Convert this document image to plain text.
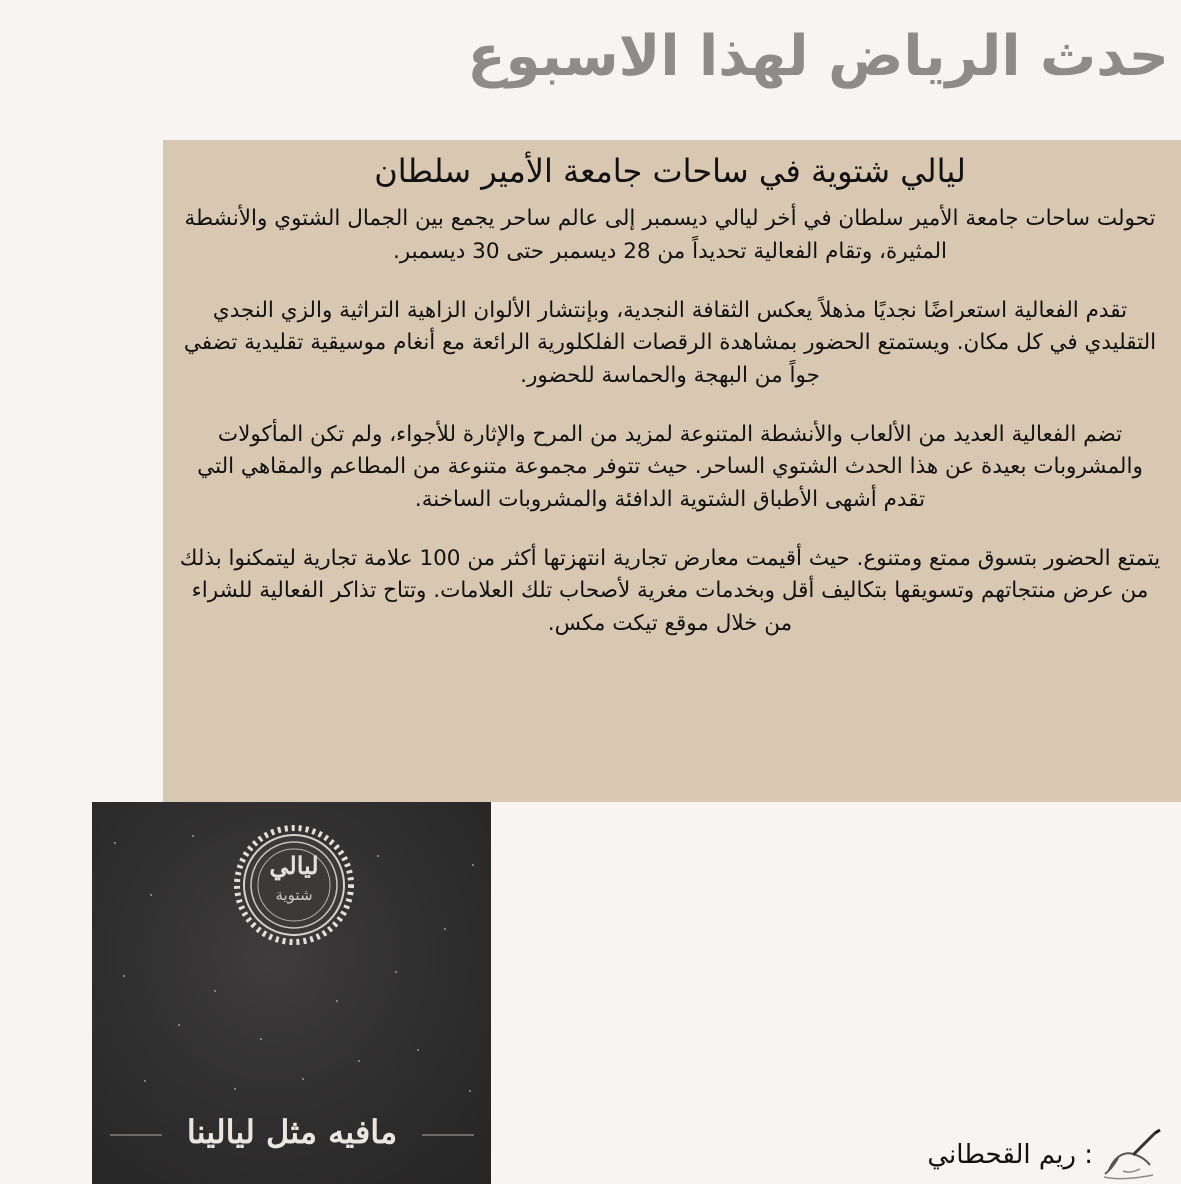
حدث الرياض لهذا الاسبوع
ليالي شتوية في ساحات جامعة الأمير سلطان

تحولت ساحات جامعة الأمير سلطان في أخر ليالي ديسمبر إلى عالم ساحر يجمع بين الجمال الشتوي والأنشطة المثيرة، وتقام الفعالية تحديداً من 28 ديسمبر حتى 30 ديسمبر.

تقدم الفعالية استعراضًا نجديًا مذهلاً يعكس الثقافة النجدية، وبإنتشار الألوان الزاهية التراثية والزي النجدي التقليدي في كل مكان. ويستمتع الحضور بمشاهدة الرقصات الفلكلورية الرائعة مع أنغام موسيقية تقليدية تضفي جواً من البهجة والحماسة للحضور.

تضم الفعالية العديد من الألعاب والأنشطة المتنوعة لمزيد من المرح والإثارة للأجواء، ولم تكن المأكولات والمشروبات بعيدة عن هذا الحدث الشتوي الساحر. حيث تتوفر مجموعة متنوعة من المطاعم والمقاهي التي تقدم أشهى الأطباق الشتوية الدافئة والمشروبات الساخنة.

يتمتع الحضور بتسوق ممتع ومتنوع. حيث أقيمت معارض تجارية انتهزتها أكثر من 100 علامة تجارية ليتمكنوا بذلك من عرض منتجاتهم وتسويقها بتكاليف أقل وبخدمات مغرية لأصحاب تلك العلامات. وتتاح تذاكر الفعالية للشراء من خلال موقع تيكت مكس.

ليالي
شتوية
مافيه مثل ليالينا
: ريم القحطاني
